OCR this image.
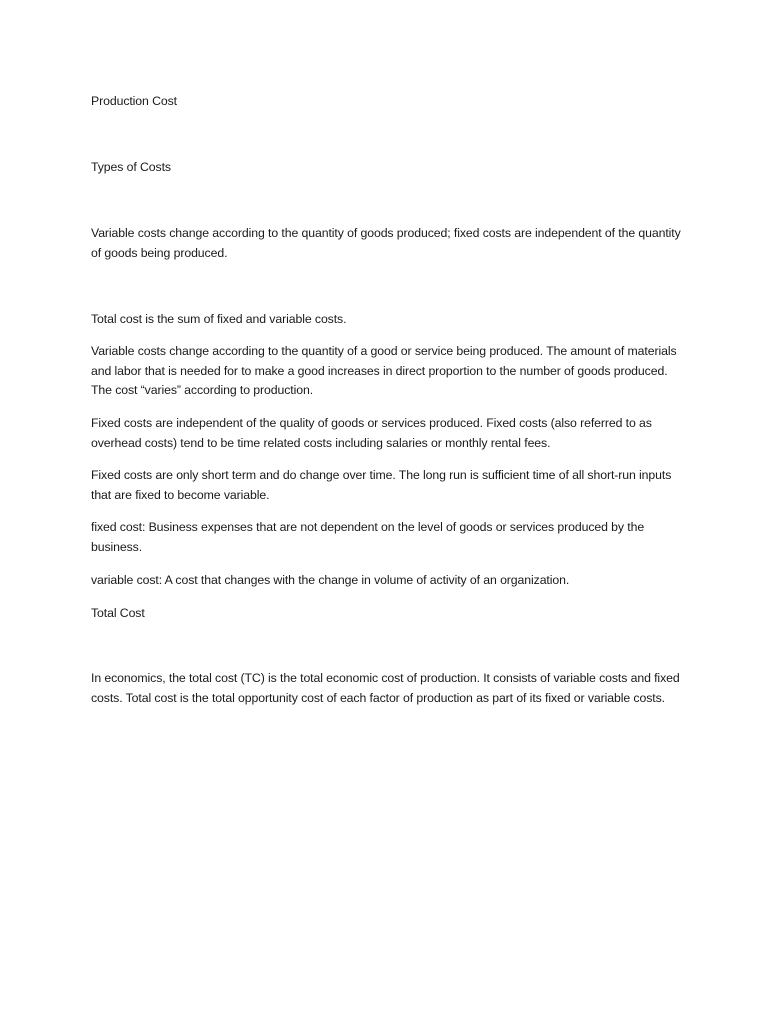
Production Cost

Types of Costs

Variable costs change according to the quantity of goods produced; fixed costs are independent of the quantity of goods being produced.

Total cost is the sum of fixed and variable costs.

Variable costs change according to the quantity of a good or service being produced. The amount of materials and labor that is needed for to make a good increases in direct proportion to the number of goods produced. The cost “varies” according to production.

Fixed costs are independent of the quality of goods or services produced. Fixed costs (also referred to as overhead costs) tend to be time related costs including salaries or monthly rental fees.

Fixed costs are only short term and do change over time. The long run is sufficient time of all short-run inputs that are fixed to become variable.

fixed cost: Business expenses that are not dependent on the level of goods or services produced by the business.

variable cost: A cost that changes with the change in volume of activity of an organization.

Total Cost

In economics, the total cost (TC) is the total economic cost of production. It consists of variable costs and fixed costs. Total cost is the total opportunity cost of each factor of production as part of its fixed or variable costs.
